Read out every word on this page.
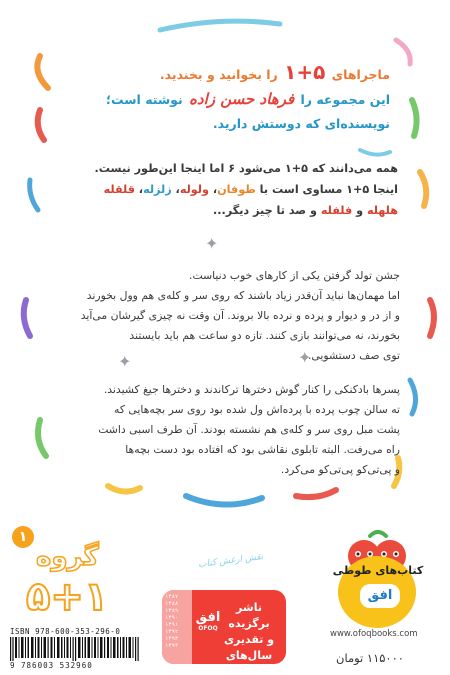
ماجراهای ۵+۱ را بخوانید و بخندید.
این مجموعه را فرهاد حسن زاده نوشته است؛
نویسنده‌ای که دوستش دارید.

همه می‌دانند که ۵+۱ می‌شود ۶ اما اینجا این‌طور نیست.

اینجا ۵+۱ مساوی است با طوفان، ولوله، زلزله، قلقله

هلهله و فلفله و صد تا چیز دیگر...

✦

جشن تولد گرفتن یکی از کارهای خوب دنیاست.

اما مهمان‌ها نباید آن‌قدر زیاد باشند که روی سر و کله‌ی هم وول بخورند

و از در و دیوار و پرده و نرده بالا بروند. آن وقت نه چیزی گیرشان می‌آید

بخورند، نه می‌توانند بازی کنند. تازه دو ساعت هم باید بایستند

توی صف دستشویی.

✦	✦

پسرها بادکنکی را کنار گوش دخترها ترکاندند و دخترها جیغ کشیدند.

ته سالن چوب پرده با پرده‌اش ول شده بود روی سر بچه‌هایی که

پشت مبل روی سر و کله‌ی هم نشسته بودند. آن طرف اسبی داشت

راه می‌رفت. البته تابلوی نقاشی بود که افتاده بود دست بچه‌ها

و پی‌تی‌کو پی‌تی‌کو می‌کرد.

۱
گروه
۵+۱
نقش ارغش کتاب
ISBN 978-600-353-296-0
9 786003 532960
۱۳۸۷ ۱۳۸۸ ۱۳۸۹ ۱۳۹۰ ۱۳۹۱ ۱۳۹۲ ۱۳۹۳ ۱۳۹۴
افق
OFOQ
ناشر
برگزیده
و تقدیری
سال‌های
کتاب‌های طوطی
افق
www.ofoqbooks.com
۱۱۵۰۰۰ تومان
